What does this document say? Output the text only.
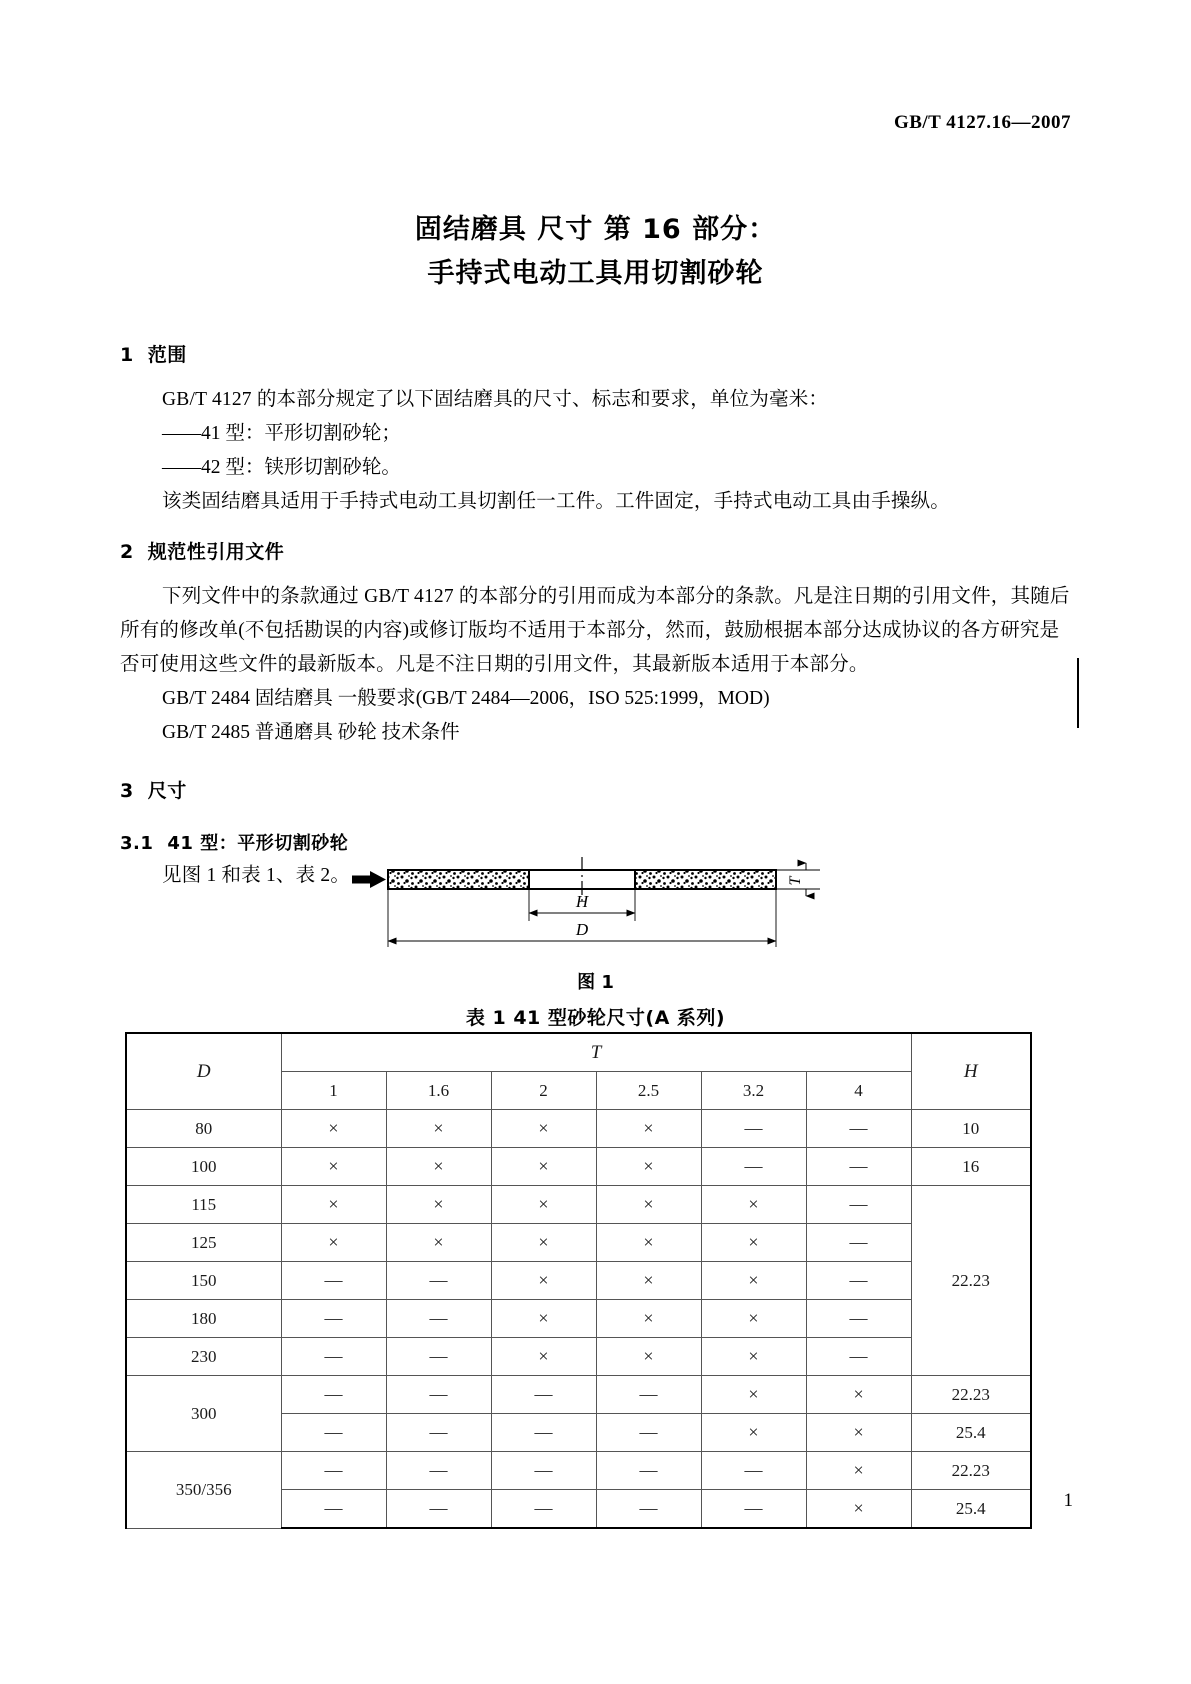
GB/T 4127.16—2007
固结磨具 尺寸 第 16 部分：
手持式电动工具用切割砂轮
1 范围
GB/T 4127 的本部分规定了以下固结磨具的尺寸、标志和要求，单位为毫米：
——41 型：平形切割砂轮；
——42 型：铗形切割砂轮。
该类固结磨具适用于手持式电动工具切割任一工件。工件固定，手持式电动工具由手操纵。
2 规范性引用文件
下列文件中的条款通过 GB/T 4127 的本部分的引用而成为本部分的条款。凡是注日期的引用文件，其随后所有的修改单(不包括勘误的内容)或修订版均不适用于本部分，然而，鼓励根据本部分达成协议的各方研究是否可使用这些文件的最新版本。凡是不注日期的引用文件，其最新版本适用于本部分。
GB/T 2484 固结磨具 一般要求(GB/T 2484—2006，ISO 525:1999，MOD)
GB/T 2485 普通磨具 砂轮 技术条件
3 尺寸
3.1 41 型：平形切割砂轮
见图 1 和表 1、表 2。
H
D
T
图 1
表 1 41 型砂轮尺寸(A 系列)
D	T						H
	1	1.6	2	2.5	3.2	4	
80	×	×	×	×	—	—	10
100	×	×	×	×	—	—	16
115	×	×	×	×	×	—	22.23
125	×	×	×	×	×	—	
150	—	—	×	×	×	—	
180	—	—	×	×	×	—	
230	—	—	×	×	×	—	
300	—	—	—	—	×	×	22.23
	—	—	—	—	×	×	25.4
350/356	—	—	—	—	—	×	22.23
	—	—	—	—	—	×	25.4	1
